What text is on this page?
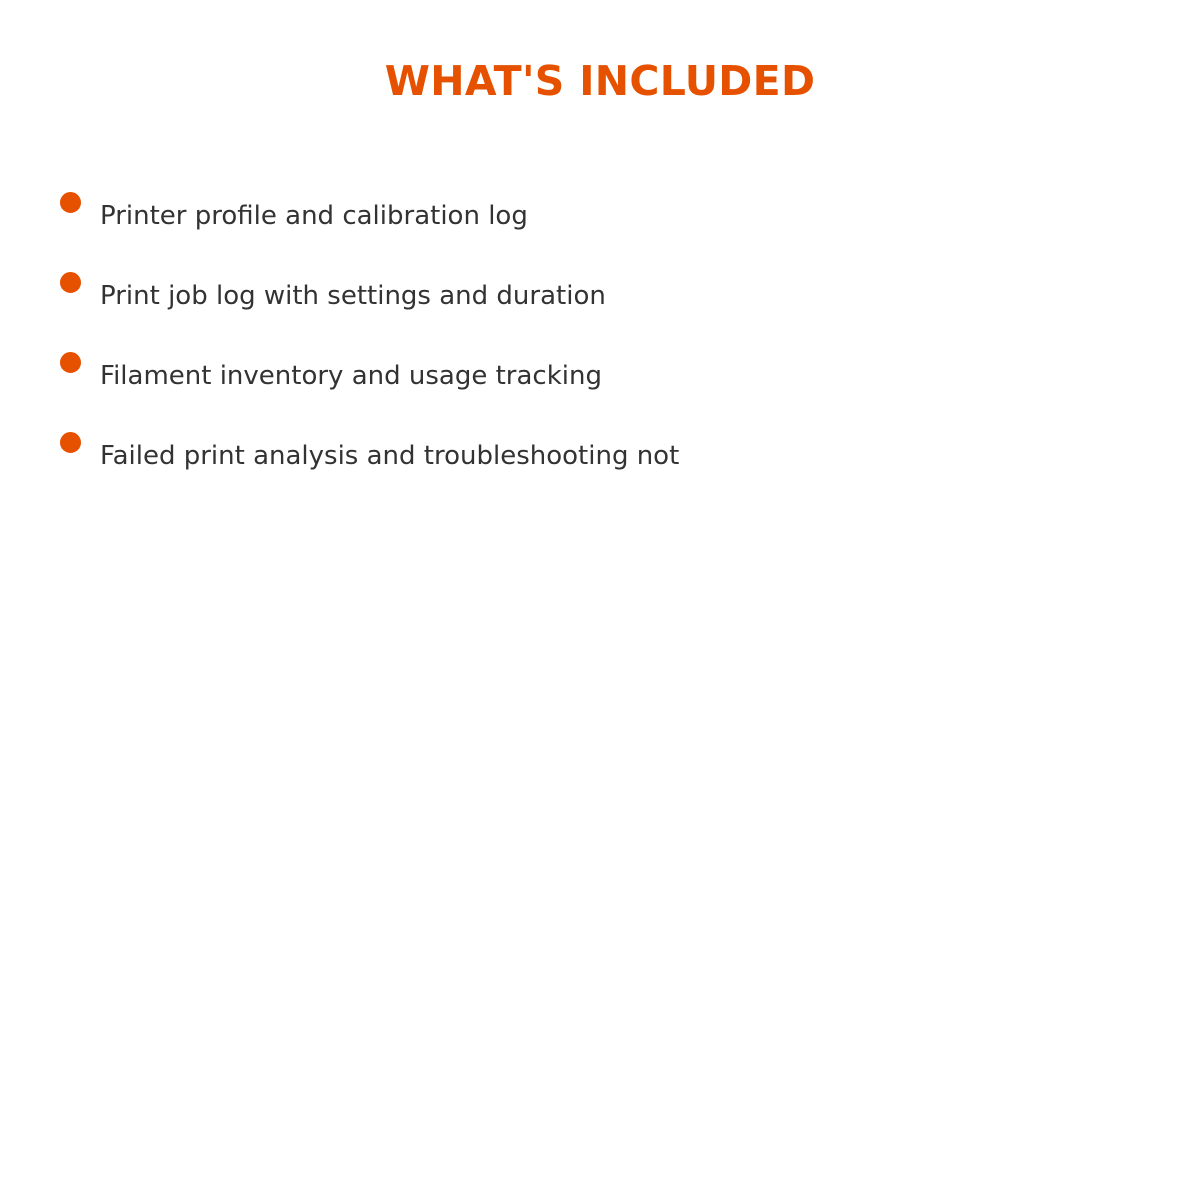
WHAT'S INCLUDED
Printer profile and calibration log
Print job log with settings and duration
Filament inventory and usage tracking
Failed print analysis and troubleshooting not
